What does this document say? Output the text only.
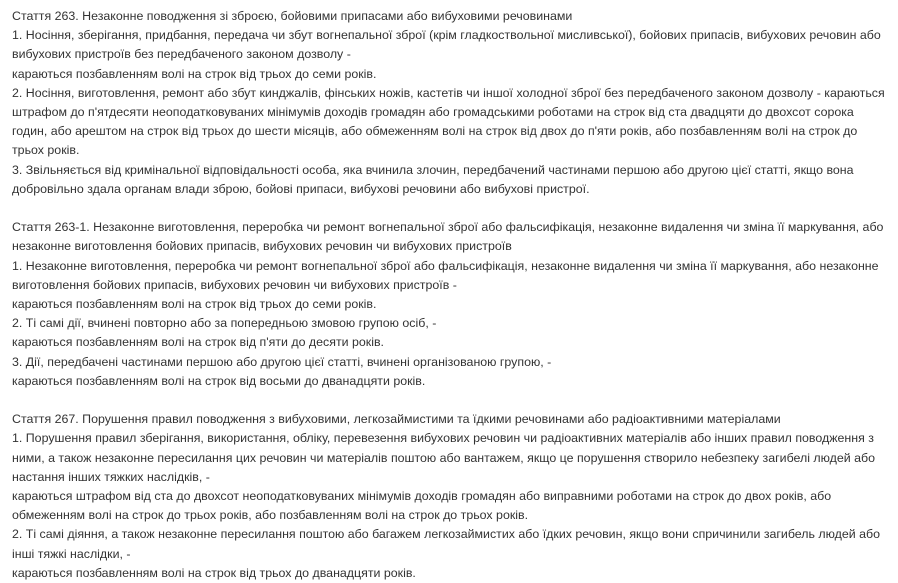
Стаття 263. Незаконне поводження зі зброєю, бойовими припасами або вибуховими речовинами
1. Носіння, зберігання, придбання, передача чи збут вогнепальної зброї (крім гладкоствольної мисливської), бойових припасів, вибухових речовин або вибухових пристроїв без передбаченого законом дозволу -
караються позбавленням волі на строк від трьох до семи років.
2. Носіння, виготовлення, ремонт або збут кинджалів, фінських ножів, кастетів чи іншої холодної зброї без передбаченого законом дозволу - караються штрафом до п'ятдесяти неоподатковуваних мінімумів доходів громадян або громадськими роботами на строк від ста двадцяти до двохсот сорока годин, або арештом на строк від трьох до шести місяців, або обмеженням волі на строк від двох до п'яти років, або позбавленням волі на строк до трьох років.
3. Звільняється від кримінальної відповідальності особа, яка вчинила злочин, передбачений частинами першою або другою цієї статті, якщо вона добровільно здала органам влади зброю, бойові припаси, вибухові речовини або вибухові пристрої.
Стаття 263-1. Незаконне виготовлення, переробка чи ремонт вогнепальної зброї або фальсифікація, незаконне видалення чи зміна її маркування, або незаконне виготовлення бойових припасів, вибухових речовин чи вибухових пристроїв
1. Незаконне виготовлення, переробка чи ремонт вогнепальної зброї або фальсифікація, незаконне видалення чи зміна її маркування, або незаконне виготовлення бойових припасів, вибухових речовин чи вибухових пристроїв -
караються позбавленням волі на строк від трьох до семи років.
2. Ті самі дії, вчинені повторно або за попередньою змовою групою осіб, -
караються позбавленням волі на строк від п'яти до десяти років.
3. Дії, передбачені частинами першою або другою цієї статті, вчинені організованою групою, -
караються позбавленням волі на строк від восьми до дванадцяти років.
Стаття 267. Порушення правил поводження з вибуховими, легкозаймистими та їдкими речовинами або радіоактивними матеріалами
1. Порушення правил зберігання, використання, обліку, перевезення вибухових речовин чи радіоактивних матеріалів або інших правил поводження з ними, а також незаконне пересилання цих речовин чи матеріалів поштою або вантажем, якщо це порушення створило небезпеку загибелі людей або настання інших тяжких наслідків, -
караються штрафом від ста до двохсот неоподатковуваних мінімумів доходів громадян або виправними роботами на строк до двох років, або обмеженням волі на строк до трьох років, або позбавленням волі на строк до трьох років.
2. Ті самі діяння, а також незаконне пересилання поштою або багажем легкозаймистих або їдких речовин, якщо вони спричинили загибель людей або інші тяжкі наслідки, -
караються позбавленням волі на строк від трьох до дванадцяти років.
